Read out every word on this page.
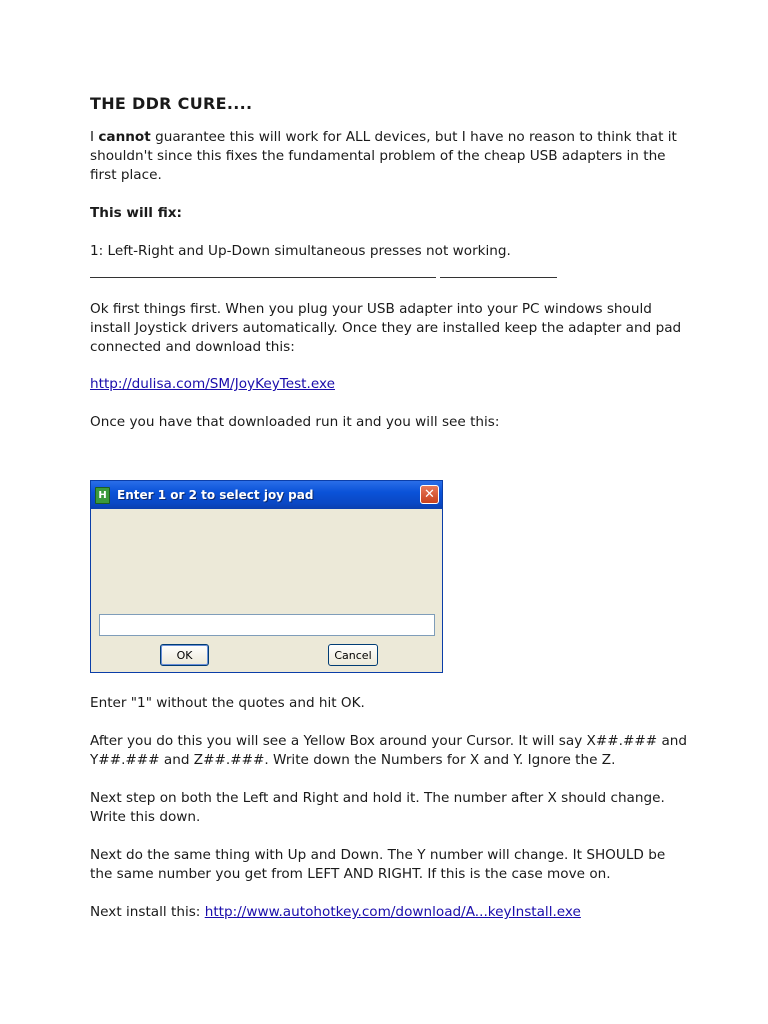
THE DDR CURE....

I cannot guarantee this will work for ALL devices, but I have no reason to think that it shouldn't since this fixes the fundamental problem of the cheap USB adapters in the first place.

This will fix:

1: Left-Right and Up-Down simultaneous presses not working.

Ok first things first. When you plug your USB adapter into your PC windows should install Joystick drivers automatically. Once they are installed keep the adapter and pad connected and download this:

http://dulisa.com/SM/JoyKeyTest.exe

Once you have that downloaded run it and you will see this:

H Enter 1 or 2 to select joy pad	✕
OK	Cancel

Enter "1" without the quotes and hit OK.

After you do this you will see a Yellow Box around your Cursor. It will say X##.### and Y##.### and Z##.###. Write down the Numbers for X and Y. Ignore the Z.

Next step on both the Left and Right and hold it. The number after X should change. Write this down.

Next do the same thing with Up and Down. The Y number will change. It SHOULD be the same number you get from LEFT AND RIGHT. If this is the case move on.

Next install this: http://www.autohotkey.com/download/A...keyInstall.exe
